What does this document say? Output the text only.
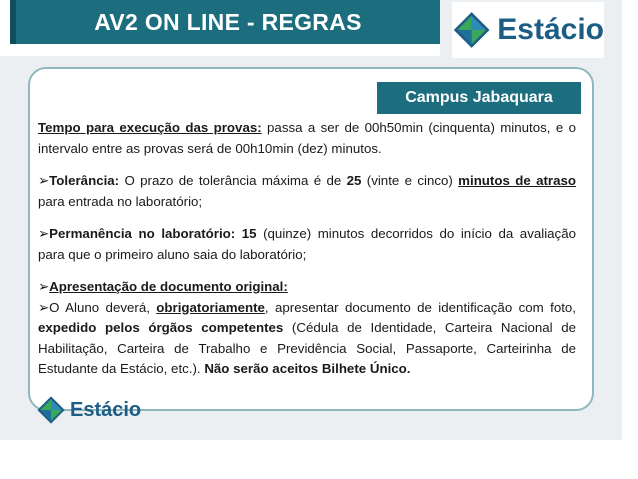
AV2 ON LINE - REGRAS	Estácio
Campus Jabaquara

Tempo para execução das provas: passa a ser de 00h50min (cinquenta) minutos, e o intervalo entre as provas será de 00h10min (dez) minutos.

➢Tolerância: O prazo de tolerância máxima é de 25 (vinte e cinco) minutos de atraso para entrada no laboratório;

➢Permanência no laboratório: 15 (quinze) minutos decorridos do início da avaliação para que o primeiro aluno saia do laboratório;

➢Apresentação de documento original:

➢O Aluno deverá, obrigatoriamente, apresentar documento de identificação com foto, expedido pelos órgãos competentes (Cédula de Identidade, Carteira Nacional de Habilitação, Carteira de Trabalho e Previdência Social, Passaporte, Carteirinha de Estudante da Estácio, etc.). Não serão aceitos Bilhete Único.

Estácio
